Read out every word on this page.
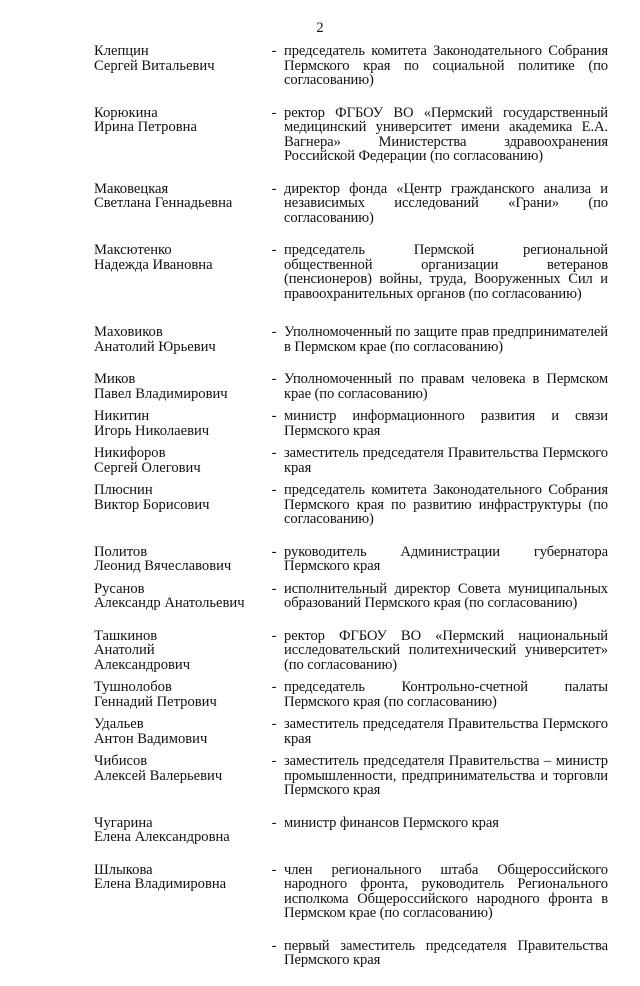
2
Клепцин
Сергей Витальевич
- председатель комитета Законодательного Собрания Пермского края по социальной политике (по согласованию)
Корюкина
Ирина Петровна
- ректор ФГБОУ ВО «Пермский государственный медицинский университет имени академика Е.А. Вагнера» Министерства здравоохранения Российской Федерации (по согласованию)
Маковецкая
Светлана Геннадьевна
- директор фонда «Центр гражданского анализа и независимых исследований «Грани» (по согласованию)
Максютенко
Надежда Ивановна
- председатель Пермской региональной общественной организации ветеранов (пенсионеров) войны, труда, Вооруженных Сил и правоохранительных органов (по согласованию)
Маховиков
Анатолий Юрьевич
- Уполномоченный по защите прав предпринимателей в Пермском крае (по согласованию)
Миков
Павел Владимирович
- Уполномоченный по правам человека в Пермском крае (по согласованию)
Никитин
Игорь Николаевич
- министр информационного развития и связи Пермского края
Никифоров
Сергей Олегович
- заместитель председателя Правительства Пермского края
Плюснин
Виктор Борисович
- председатель комитета Законодательного Собрания Пермского края по развитию инфраструктуры (по согласованию)
Политов
Леонид Вячеславович
- руководитель Администрации губернатора Пермского края
Русанов
Александр Анатольевич
- исполнительный директор Совета муниципальных образований Пермского края (по согласованию)
Ташкинов
Анатолий
Александрович
- ректор ФГБОУ ВО «Пермский национальный исследовательский политехнический университет» (по согласованию)
Тушнолобов
Геннадий Петрович
- председатель Контрольно-счетной палаты Пермского края (по согласованию)
Удальев
Антон Вадимович
- заместитель председателя Правительства Пермского края
Чибисов
Алексей Валерьевич
- заместитель председателя Правительства – министр промышленности, предпринимательства и торговли Пермского края
Чугарина
Елена Александровна
- министр финансов Пермского края
Шлыкова
Елена Владимировна
- член регионального штаба Общероссийского народного фронта, руководитель Регионального исполкома Общероссийского народного фронта в Пермском крае (по согласованию)
- первый заместитель председателя Правительства Пермского края
